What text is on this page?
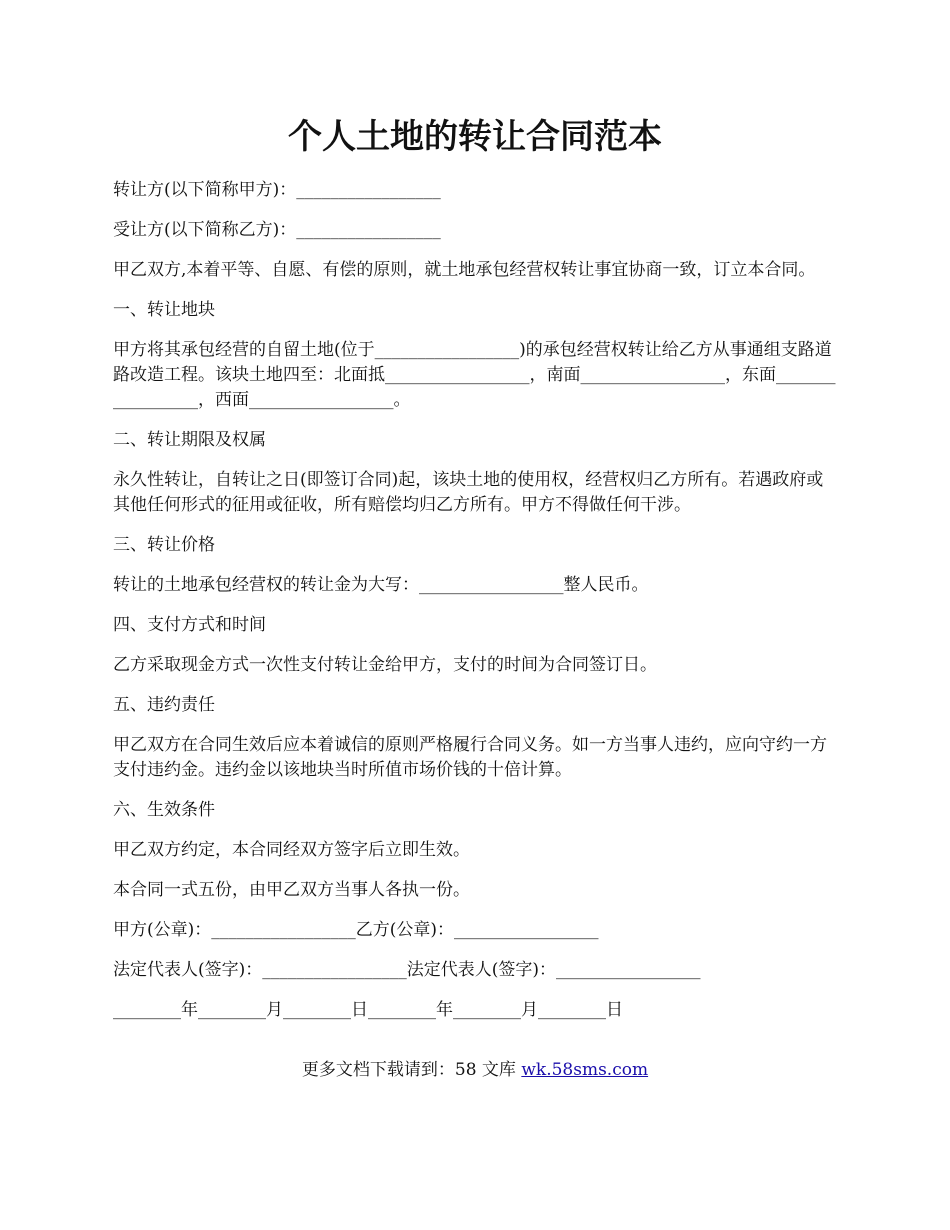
个人土地的转让合同范本

转让方(以下简称甲方)：_________________

受让方(以下简称乙方)：_________________

甲乙双方,本着平等、自愿、有偿的原则，就土地承包经营权转让事宜协商一致，订立本合同。

一、转让地块

甲方将其承包经营的自留土地(位于_________________)的承包经营权转让给乙方从事通组支路道路改造工程。该块土地四至：北面抵_________________，南面_________________，东面_________________，西面_________________。

二、转让期限及权属

永久性转让，自转让之日(即签订合同)起，该块土地的使用权，经营权归乙方所有。若遇政府或其他任何形式的征用或征收，所有赔偿均归乙方所有。甲方不得做任何干涉。

三、转让价格

转让的土地承包经营权的转让金为大写：_________________整人民币。

四、支付方式和时间

乙方采取现金方式一次性支付转让金给甲方，支付的时间为合同签订日。

五、违约责任

甲乙双方在合同生效后应本着诚信的原则严格履行合同义务。如一方当事人违约，应向守约一方支付违约金。违约金以该地块当时所值市场价钱的十倍计算。

六、生效条件

甲乙双方约定，本合同经双方签字后立即生效。

本合同一式五份，由甲乙双方当事人各执一份。

甲方(公章)：_________________乙方(公章)：_________________

法定代表人(签字)：_________________法定代表人(签字)：_________________

________年________月________日________年________月________日

更多文档下载请到：58 文库 wk.58sms.com
